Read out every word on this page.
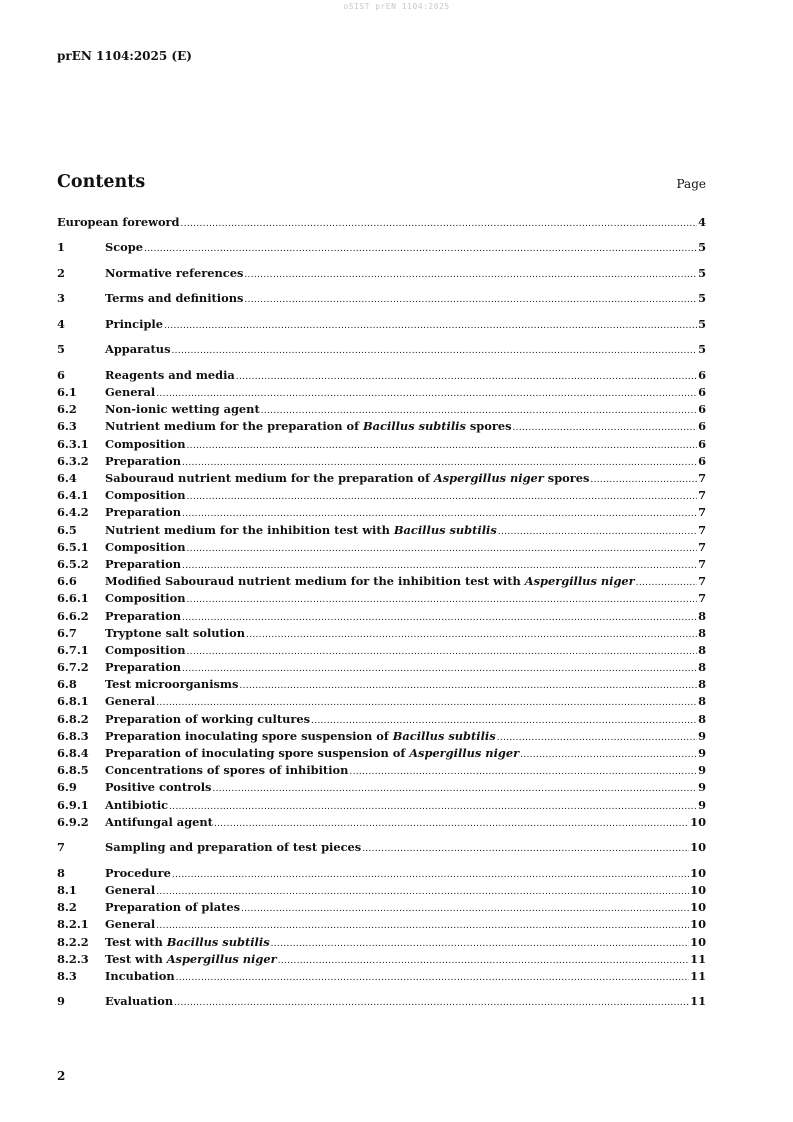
oSIST prEN 1104:2025
prEN 1104:2025 (E)
Contents	Page
European foreword .....	4
1	Scope .....	5
2	Normative references .....	5
3	Terms and definitions .....	5
4	Principle .....	5
5	Apparatus .....	5
6	Reagents and media .....	6
6.1	General .....	6
6.2	Non-ionic wetting agent .....	6
6.3	Nutrient medium for the preparation of Bacillus subtilis spores .....	6
6.3.1	Composition .....	6
6.3.2	Preparation .....	6
6.4	Sabouraud nutrient medium for the preparation of Aspergillus niger spores .....	7
6.4.1	Composition .....	7
6.4.2	Preparation .....	7
6.5	Nutrient medium for the inhibition test with Bacillus subtilis .....	7
6.5.1	Composition .....	7
6.5.2	Preparation .....	7
6.6	Modified Sabouraud nutrient medium for the inhibition test with Aspergillus niger .....	7
6.6.1	Composition .....	7
6.6.2	Preparation .....	8
6.7	Tryptone salt solution .....	8
6.7.1	Composition .....	8
6.7.2	Preparation .....	8
6.8	Test microorganisms .....	8
6.8.1	General .....	8
6.8.2	Preparation of working cultures .....	8
6.8.3	Preparation inoculating spore suspension of Bacillus subtilis .....	9
6.8.4	Preparation of inoculating spore suspension of Aspergillus niger .....	9
6.8.5	Concentrations of spores of inhibition .....	9
6.9	Positive controls .....	9
6.9.1	Antibiotic .....	9
6.9.2	Antifungal agent .....	10
7	Sampling and preparation of test pieces .....	10
8	Procedure .....	10
8.1	General .....	10
8.2	Preparation of plates .....	10
8.2.1	General .....	10
8.2.2	Test with Bacillus subtilis .....	10
8.2.3	Test with Aspergillus niger .....	11
8.3	Incubation .....	11
9	Evaluation .....	11
2
